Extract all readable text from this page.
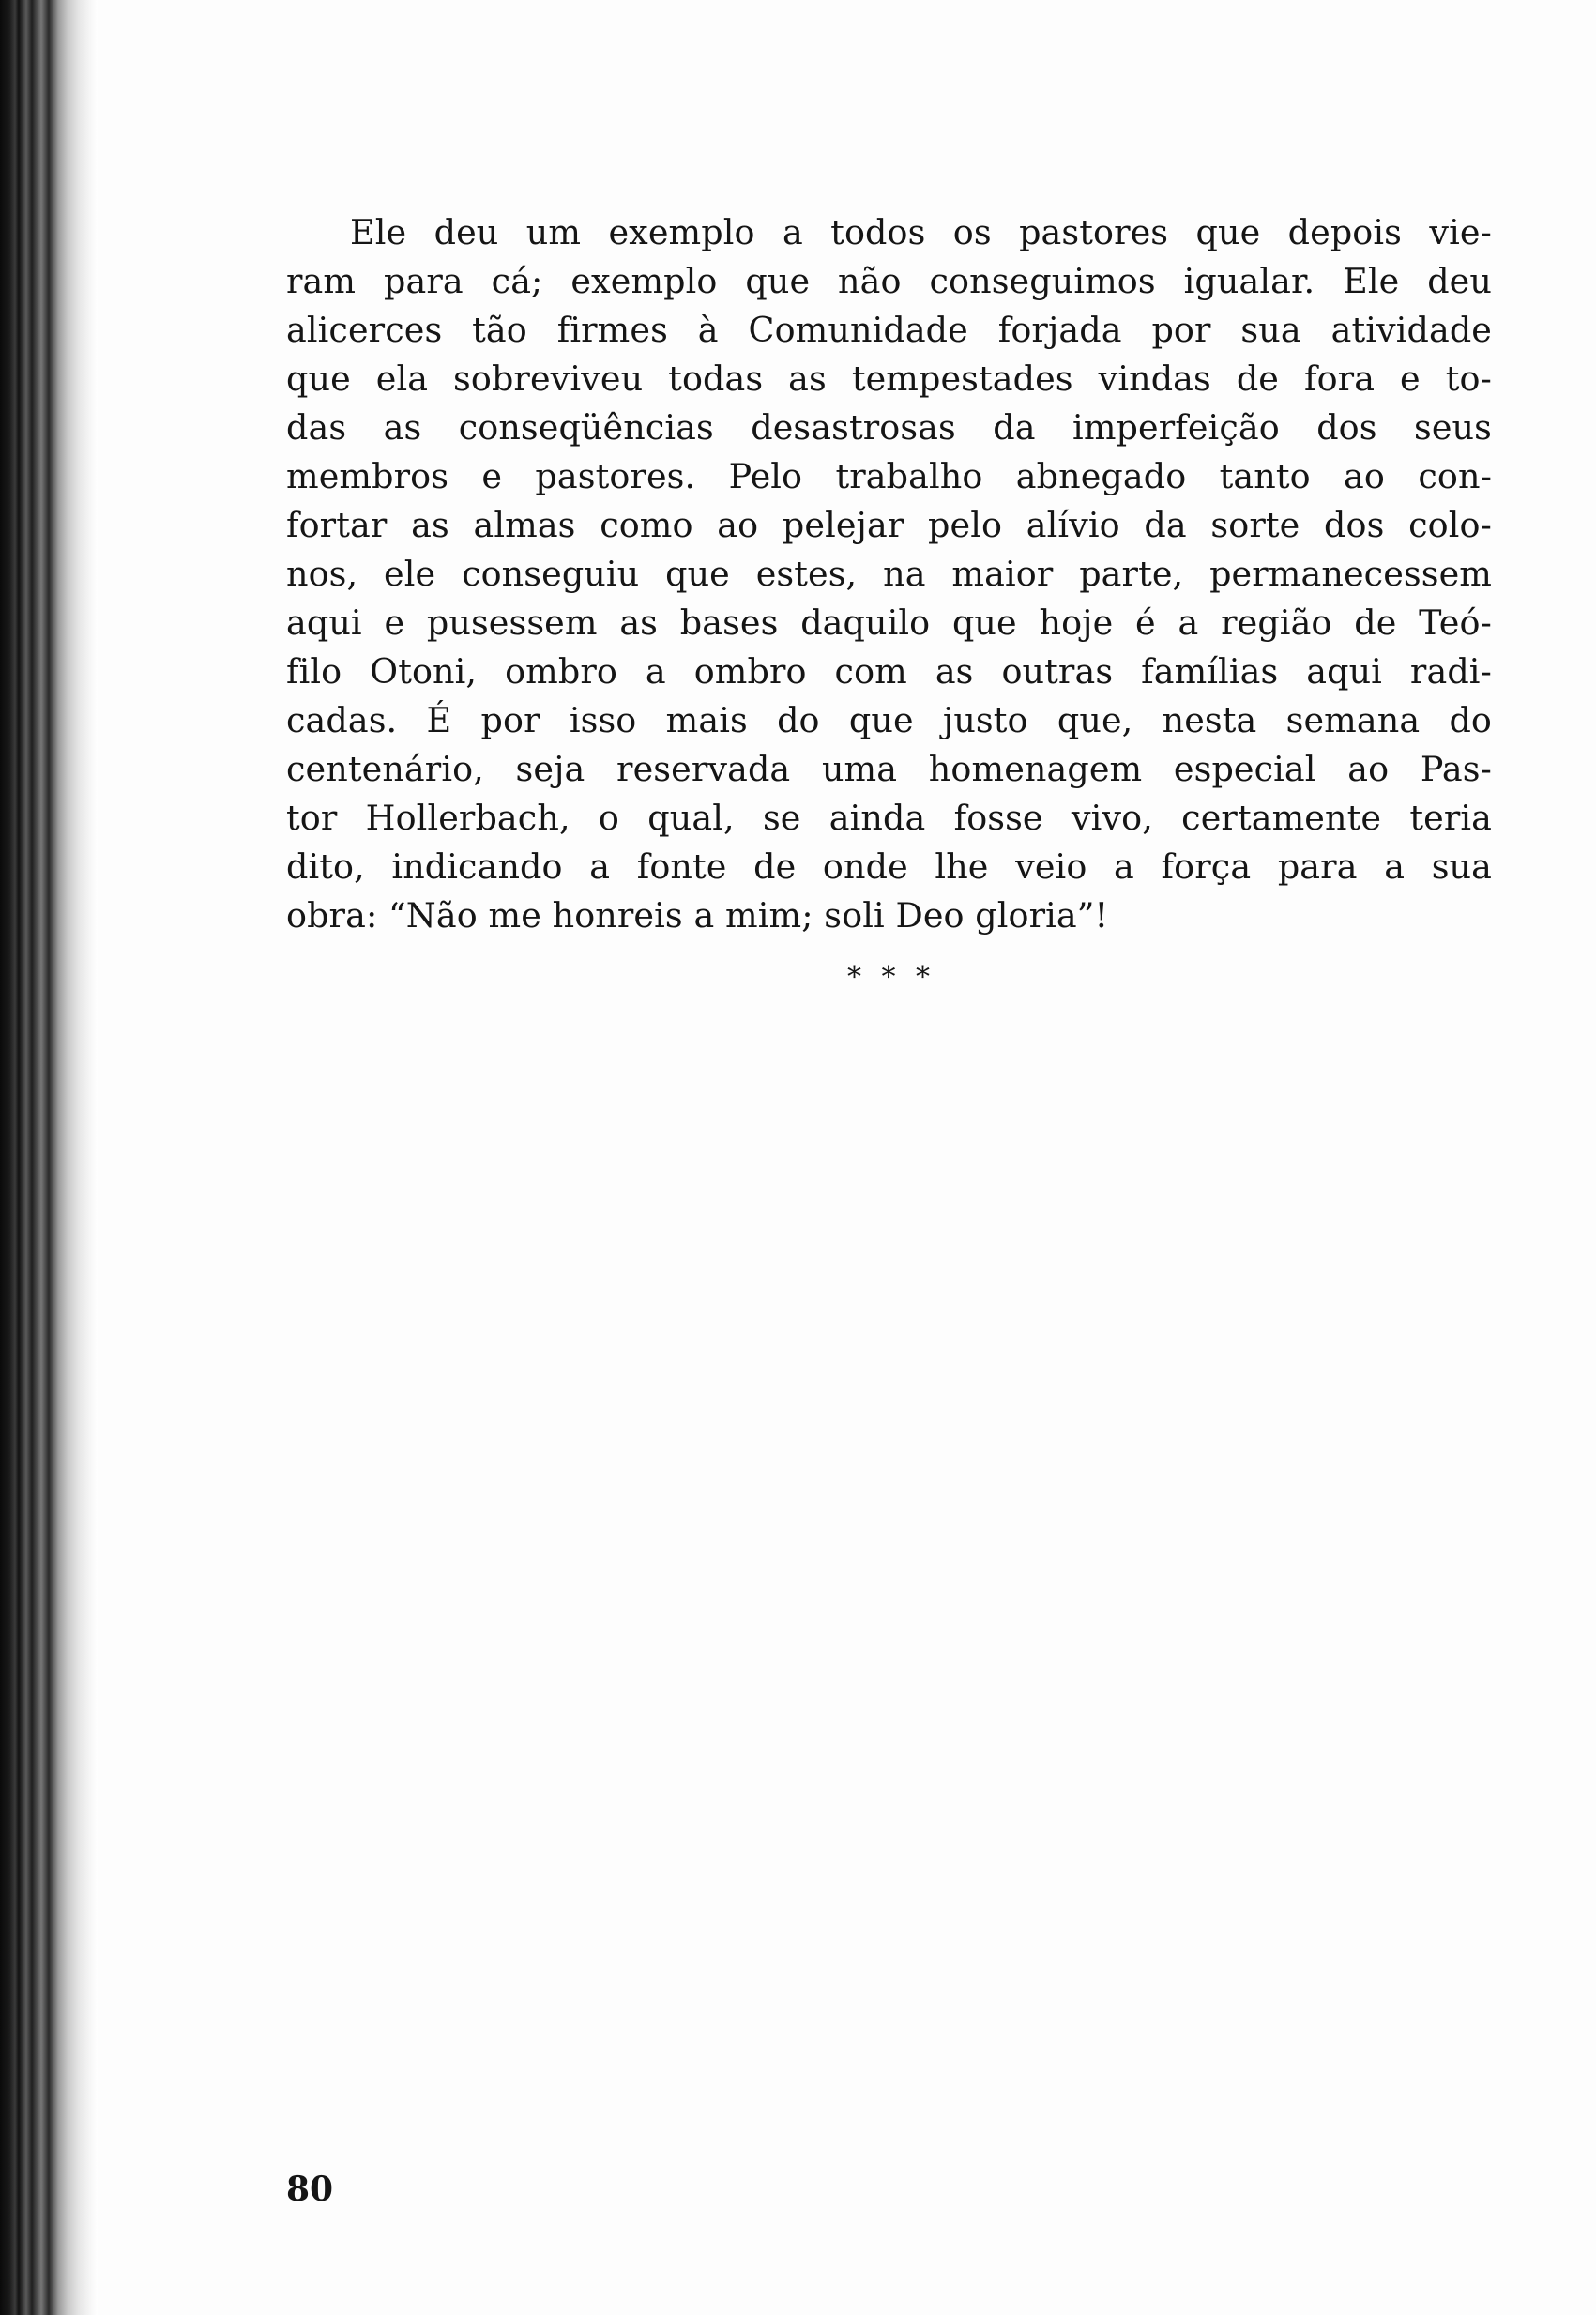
Ele deu um exemplo a todos os pastores que depois vie-
ram para cá; exemplo que não conseguimos igualar. Ele deu
alicerces tão firmes à Comunidade forjada por sua atividade
que ela sobreviveu todas as tempestades vindas de fora e to-
das as conseqüências desastrosas da imperfeição dos seus
membros e pastores. Pelo trabalho abnegado tanto ao con-
fortar as almas como ao pelejar pelo alívio da sorte dos colo-
nos, ele conseguiu que estes, na maior parte, permanecessem
aqui e pusessem as bases daquilo que hoje é a região de Teó-
filo Otoni, ombro a ombro com as outras famílias aqui radi-
cadas. É por isso mais do que justo que, nesta semana do
centenário, seja reservada uma homenagem especial ao Pas-
tor Hollerbach, o qual, se ainda fosse vivo, certamente teria
dito, indicando a fonte de onde lhe veio a força para a sua
obra: “Não me honreis a mim; soli Deo gloria”!
* * *
80
